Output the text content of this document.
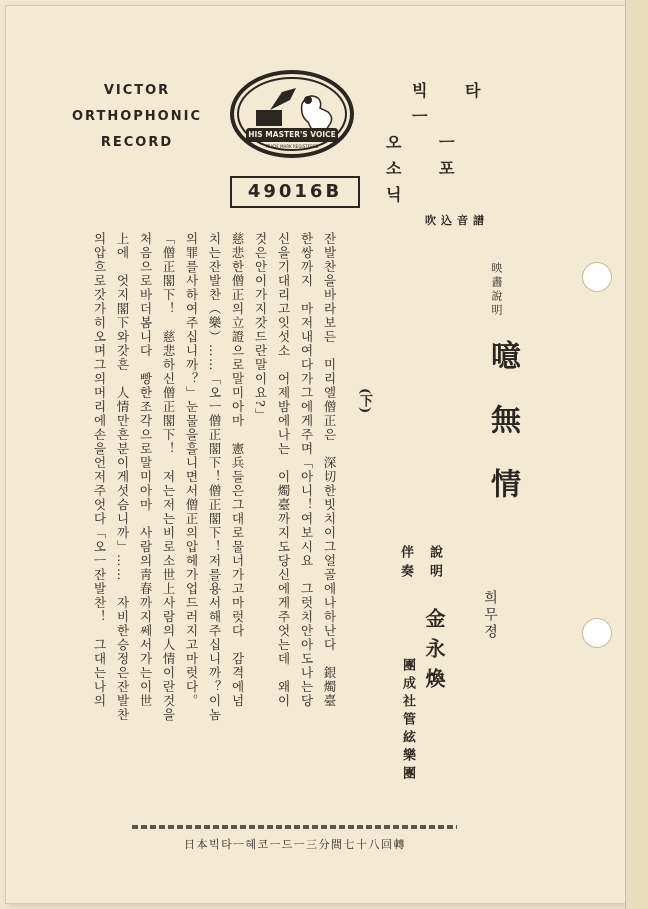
VICTOR
ORTHOPHONIC
RECORD
HIS MASTER'S VOICE
TRADE MARK REGISTERED
빅 타 ㅡ
오 ㅡ 소 포 닉
吹込音譜
49016B
映畵說明
噫無情
희무졍
說明
金永煥
伴奏
團成社管絃樂團
(下)
잔발찬을바라보든　미리엘僧正은　深切한빗치이그얼골에나하난다　銀燭臺
한쌍까지　마저내여다가그에게주며「아니！여보시요　그럿치안아도나는당
신을기대리고잇섯소　어제밤에나는　이燭臺까지도당신에게주엇는데　왜이
것은안이가지갓드란말이요?」
慈悲한僧正의立證으로말미아마　憲兵들은그대로물너가고마럿다　감격에넘
치는잔발찬（樂）……「오ㅡ僧正閣下！僧正閣下！저를용서해주십니까？이놈
의罪를사하여주십니까？」눈물을흘니면서僧正의압헤가업드러지고마럿다。
「僧正閣下！　慈悲하신僧正閣下！　저는저는비로소世上사람의人情이란것을
처음으로바더봄니다　빵한조각으로말미아마　사람의靑春까지쎄서가는이世
上에　엇지閣下와갓흔　人情만흔분이게섯슴니까」……　자비한승정은잔발찬
의압흐로갓가히오며그의머리에손을언저주엇다「오ㅡ잔발찬！　그대는나의
日本빅타ㅡ혜코ㅡ드ㅡ三分間七十八回轉
